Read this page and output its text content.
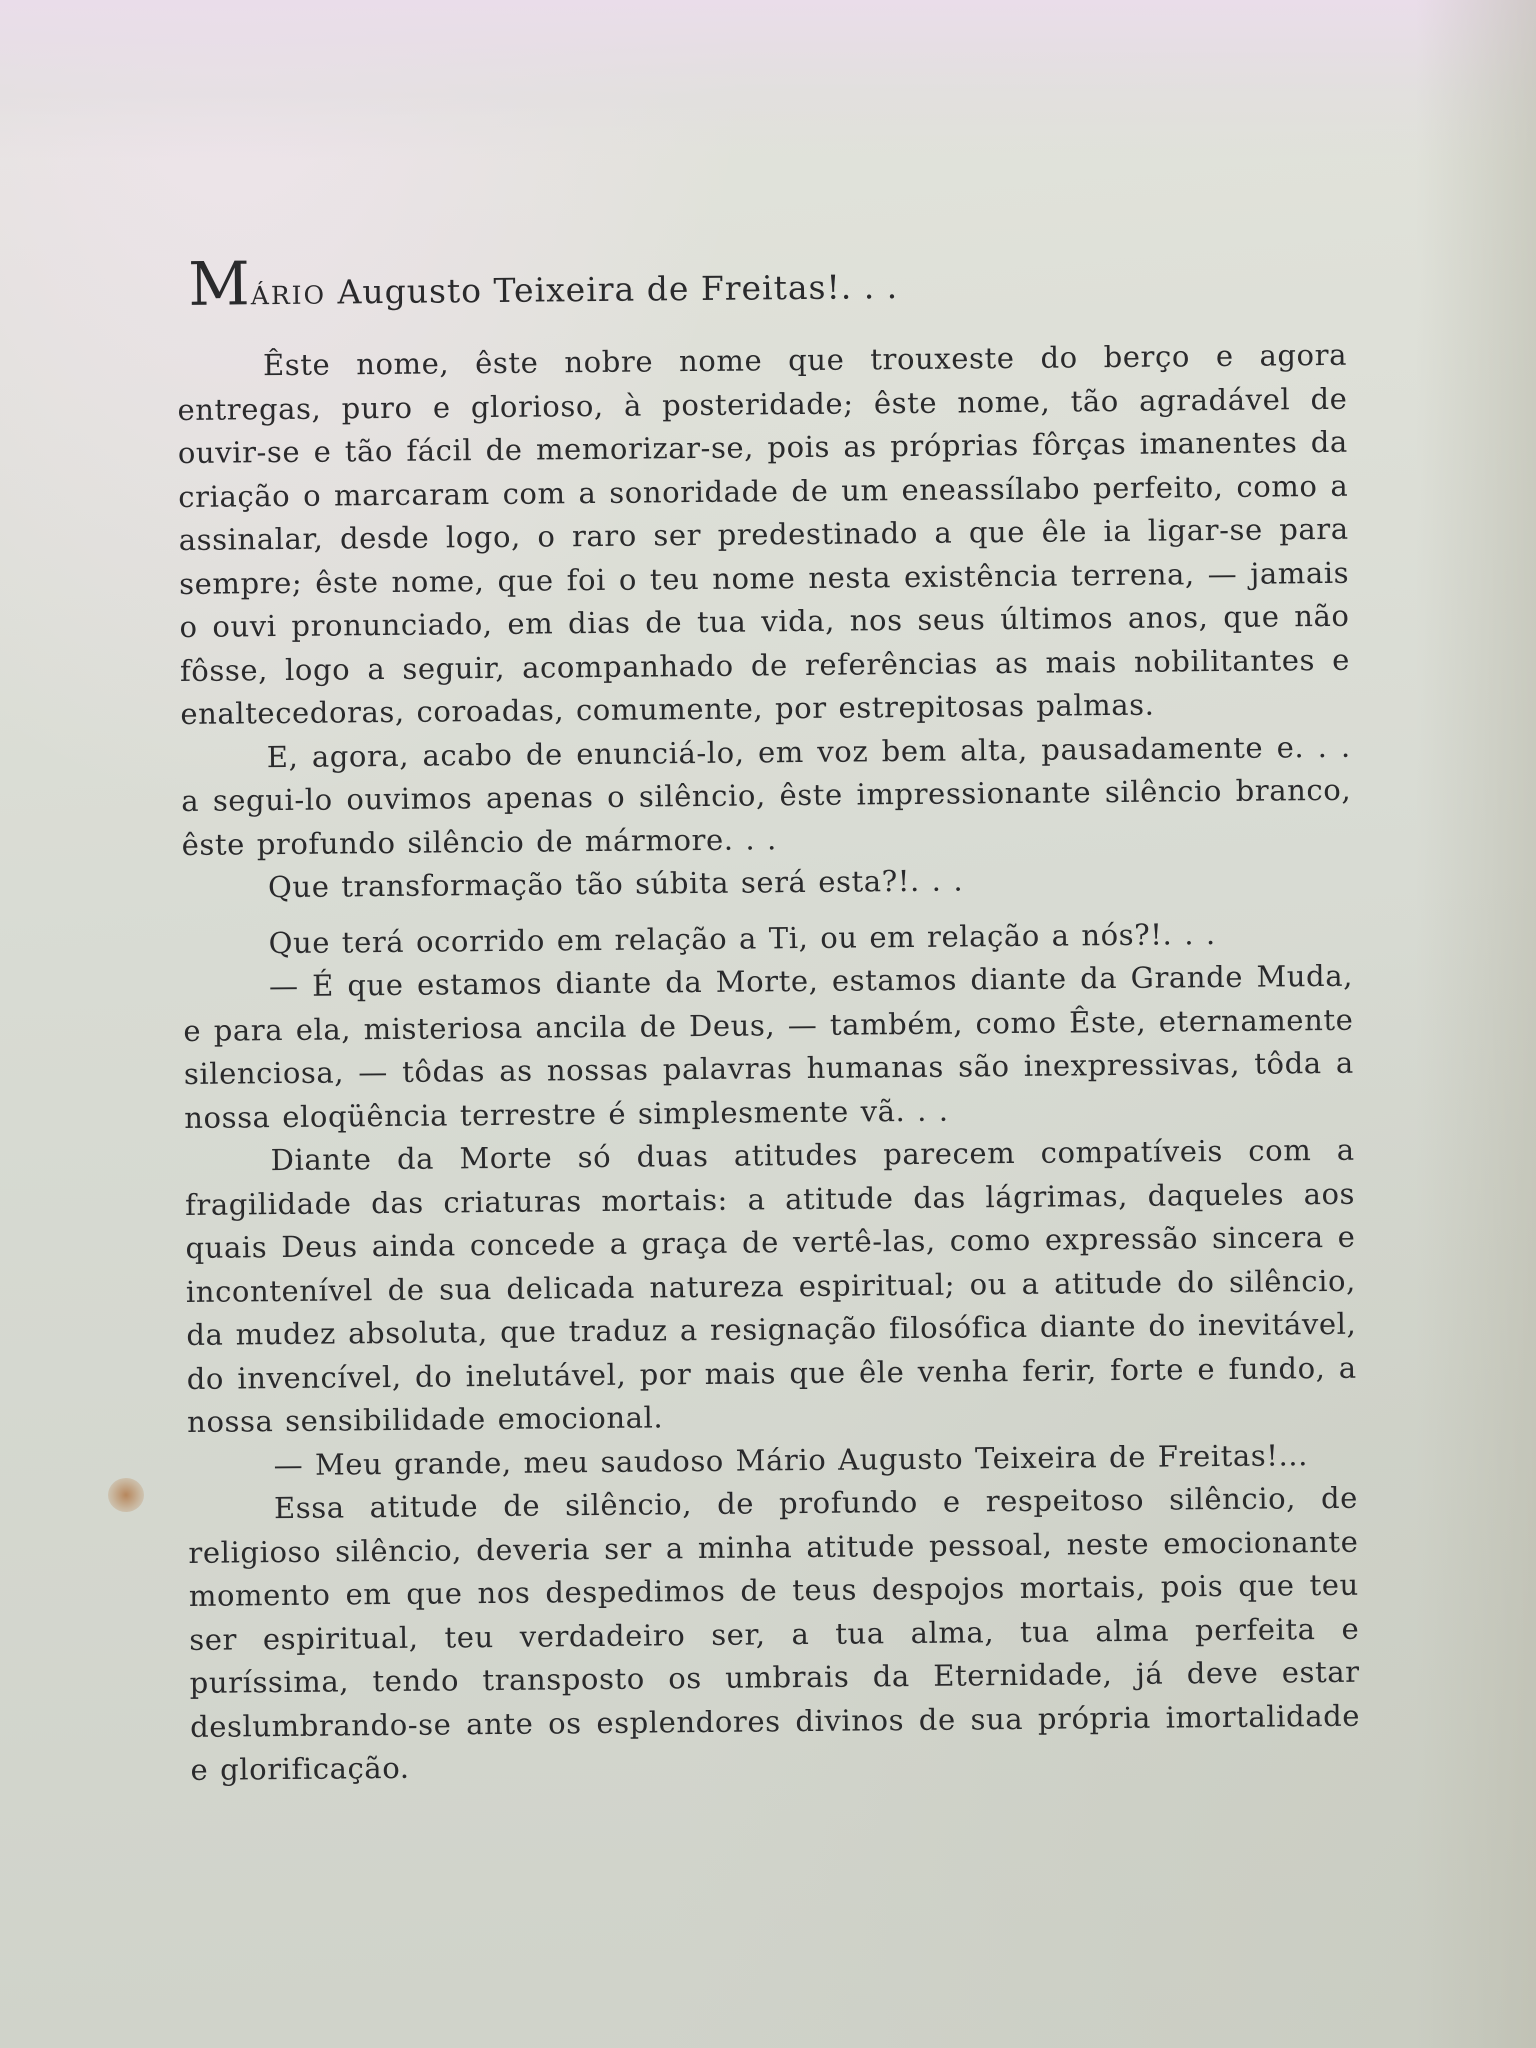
MÁRIO Augusto Teixeira de Freitas!. . .

Êste nome, êste nobre nome que trouxeste do berço e agora entregas, puro e glorioso, à posteridade; êste nome, tão agradável de ouvir-se e tão fácil de memorizar-se, pois as próprias fôrças imanentes da criação o marcaram com a sonoridade de um eneassílabo perfeito, como a assinalar, desde logo, o raro ser predestinado a que êle ia ligar-se para sempre; êste nome, que foi o teu nome nesta existência terrena, — jamais o ouvi pronunciado, em dias de tua vida, nos seus últimos anos, que não fôsse, logo a seguir, acompanhado de referências as mais nobilitantes e enaltecedoras, coroadas, comumente, por estrepitosas palmas.

E, agora, acabo de enunciá-lo, em voz bem alta, pausadamente e. . . a segui-lo ouvimos apenas o silêncio, êste impressionante silêncio branco, êste profundo silêncio de mármore. . .

Que transformação tão súbita será esta?!. . .

Que terá ocorrido em relação a Ti, ou em relação a nós?!. . .

— É que estamos diante da Morte, estamos diante da Grande Muda, e para ela, misteriosa ancila de Deus, — também, como Êste, eternamente silenciosa, — tôdas as nossas palavras humanas são inexpressivas, tôda a nossa eloqüência terrestre é simplesmente vã. . .

Diante da Morte só duas atitudes parecem compatíveis com a fragilidade das criaturas mortais: a atitude das lágrimas, daqueles aos quais Deus ainda concede a graça de vertê-las, como expressão sincera e incontenível de sua delicada natureza espiritual; ou a atitude do silêncio, da mudez absoluta, que traduz a resignação filosófica diante do inevitável, do invencível, do inelutável, por mais que êle venha ferir, forte e fundo, a nossa sensibilidade emocional.

— Meu grande, meu saudoso Mário Augusto Teixeira de Freitas!...

Essa atitude de silêncio, de profundo e respeitoso silêncio, de religioso silêncio, deveria ser a minha atitude pessoal, neste emocionante momento em que nos despedimos de teus despojos mortais, pois que teu ser espiritual, teu verdadeiro ser, a tua alma, tua alma perfeita e puríssima, tendo transposto os umbrais da Eternidade, já deve estar deslumbrando-se ante os esplendores divinos de sua própria imortalidade e glorificação.
